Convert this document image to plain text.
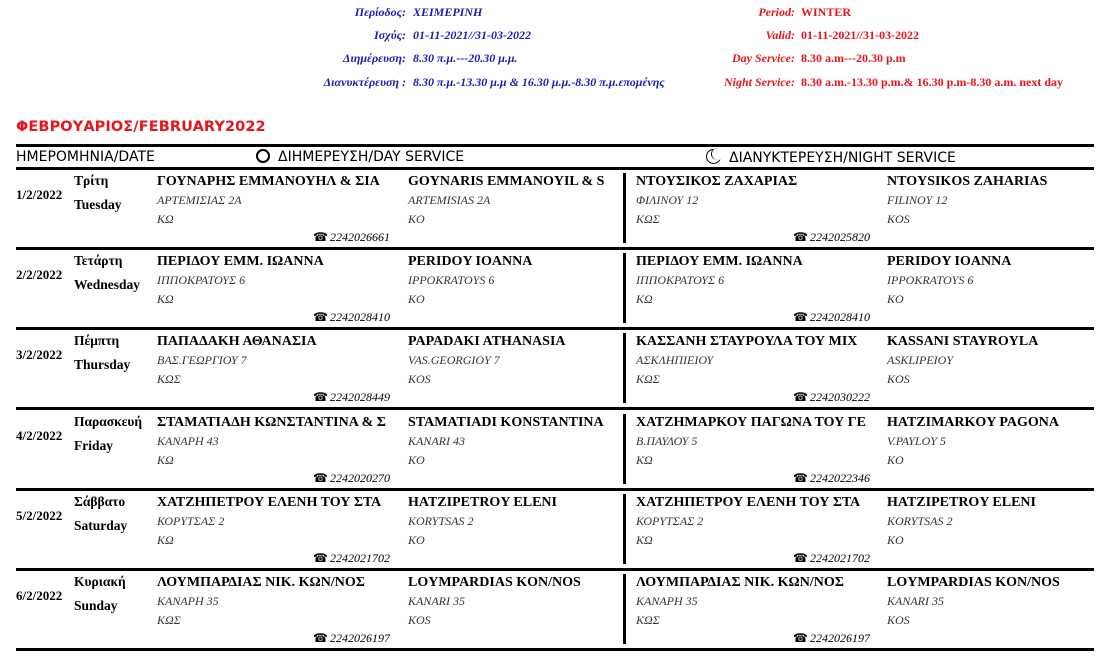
Περίοδος: ΧΕΙΜΕΡΙΝΗ
Ισχύς: 01-11-2021//31-03-2022
Διημέρευση: 8.30 π.μ.---20.30 μ.μ.
Διανυκτέρευση : 8.30 π.μ.-13.30 μ.μ & 16.30 μ.μ.-8.30 π.μ.επομένης
Period: WINTER
Valid: 01-11-2021//31-03-2022
Day Service: 8.30 a.m---20.30 p.m
Night Service: 8.30 a.m.-13.30 p.m.& 16.30 p.m-8.30 a.m. next day
ΦΕΒΡΟΥΑΡΙΟΣ/FEBRUARY2022
ΗΜΕΡΟΜΗΝΙΑ/DATE	ΔΙΗΜΕΡΕΥΣΗ/DAY SERVICE	ΔΙΑΝΥΚΤΕΡΕΥΣΗ/NIGHT SERVICE
1/2/2022
Τρίτη
Tuesday
ΓΟΥΝΑΡΗΣ ΕΜΜΑΝΟΥΗΛ & ΣΙΑ
ΑΡΤΕΜΙΣΙΑΣ 2Α
ΚΩ
GOYNARIS EMMANOYIL & S
ARTEMISIAS 2A
KO
☎ 2242026661
ΝΤΟΥΣΙΚΟΣ ΖΑΧΑΡΙΑΣ
ΦΙΛΙΝΟΥ 12
ΚΩΣ
NTOYSIKOS ZAHARIAS
FILINOY 12
KOS
☎ 2242025820
2/2/2022
Τετάρτη
Wednesday
ΠΕΡΙΔΟΥ ΕΜΜ. ΙΩΑΝΝΑ
ΙΠΠΟΚΡΑΤΟΥΣ 6
ΚΩ
PERIDOY IOANNA
IPPOKRATOYS 6
KO
☎ 2242028410
ΠΕΡΙΔΟΥ ΕΜΜ. ΙΩΑΝΝΑ
ΙΠΠΟΚΡΑΤΟΥΣ 6
ΚΩ
PERIDOY IOANNA
IPPOKRATOYS 6
KO
☎ 2242028410
3/2/2022
Πέμπτη
Thursday
ΠΑΠΑΔΑΚΗ ΑΘΑΝΑΣΙΑ
ΒΑΣ.ΓΕΩΡΓΙΟΥ 7
ΚΩΣ
PAPADAKI ATHANASIA
VAS.GEORGIOY 7
KOS
☎ 2242028449
ΚΑΣΣΑΝΗ ΣΤΑΥΡΟΥΛΑ ΤΟΥ ΜΙΧ
ΑΣΚΛΗΠΙΕΙΟΥ
ΚΩΣ
KASSANI STAYROYLA
ASKLIPEIOY
KOS
☎ 2242030222
4/2/2022
Παρασκευή
Friday
ΣΤΑΜΑΤΙΑΔΗ ΚΩΝΣΤΑΝΤΙΝΑ & Σ
ΚΑΝΑΡΗ 43
ΚΩ
STAMATIADI KONSTANTINA
KANARI 43
KO
☎ 2242020270
ΧΑΤΖΗΜΑΡΚΟΥ ΠΑΓΩΝΑ ΤΟΥ ΓΕ
Β.ΠΑΥΛΟΥ 5
ΚΩ
HATZIMARKOY PAGONA
V.PAYLOY 5
KO
☎ 2242022346
5/2/2022
Σάββατο
Saturday
ΧΑΤΖΗΠΕΤΡΟΥ ΕΛΕΝΗ ΤΟΥ ΣΤΑ
ΚΟΡΥΤΣΑΣ 2
ΚΩ
HATZIPETROY ELENI
KORYTSAS 2
KO
☎ 2242021702
ΧΑΤΖΗΠΕΤΡΟΥ ΕΛΕΝΗ ΤΟΥ ΣΤΑ
ΚΟΡΥΤΣΑΣ 2
ΚΩ
HATZIPETROY ELENI
KORYTSAS 2
KO
☎ 2242021702
6/2/2022
Κυριακή
Sunday
ΛΟΥΜΠΑΡΔΙΑΣ ΝΙΚ. ΚΩΝ/ΝΟΣ
ΚΑΝΑΡΗ 35
ΚΩΣ
LOYMPARDIAS KON/NOS
KANARI 35
KOS
☎ 2242026197
ΛΟΥΜΠΑΡΔΙΑΣ ΝΙΚ. ΚΩΝ/ΝΟΣ
ΚΑΝΑΡΗ 35
ΚΩΣ
LOYMPARDIAS KON/NOS
KANARI 35
KOS
☎ 2242026197
